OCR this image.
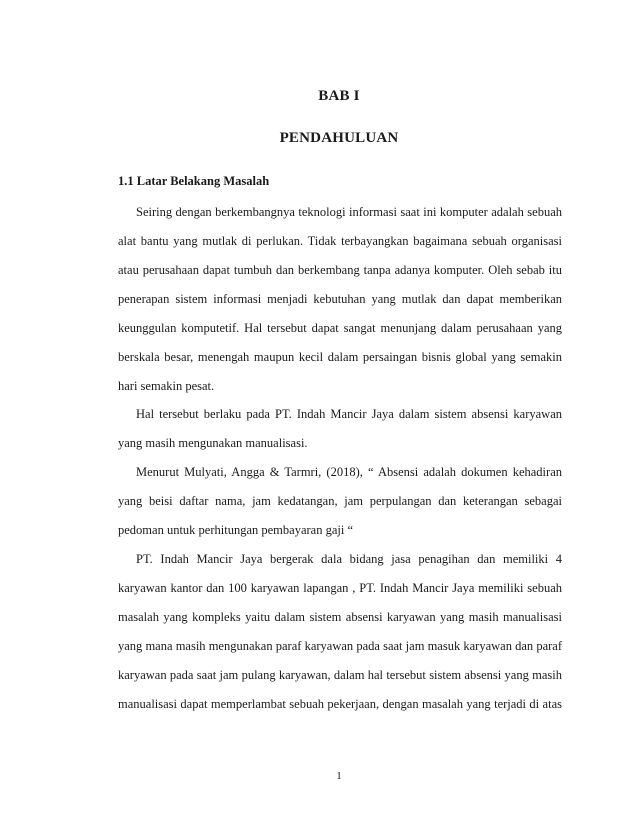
BAB I
PENDAHULUAN
1.1 Latar Belakang Masalah
Seiring dengan berkembangnya teknologi informasi saat ini komputer adalah sebuah
alat bantu yang mutlak di perlukan. Tidak terbayangkan bagaimana sebuah organisasi
atau perusahaan dapat tumbuh dan berkembang tanpa adanya komputer. Oleh sebab itu
penerapan sistem informasi menjadi kebutuhan yang mutlak dan dapat memberikan
keunggulan komputetif. Hal tersebut dapat sangat menunjang dalam perusahaan yang
berskala besar, menengah maupun kecil dalam persaingan bisnis global yang semakin
hari semakin pesat.
Hal tersebut berlaku pada PT. Indah Mancir Jaya dalam sistem absensi karyawan
yang masih mengunakan manualisasi.
Menurut Mulyati, Angga & Tarmri, (2018), “ Absensi adalah dokumen kehadiran
yang beisi daftar nama, jam kedatangan, jam perpulangan dan keterangan sebagai
pedoman untuk perhitungan pembayaran gaji “
PT. Indah Mancir Jaya bergerak dala bidang jasa penagihan dan memiliki 4
karyawan kantor dan 100 karyawan lapangan , PT. Indah Mancir Jaya memiliki sebuah
masalah yang kompleks yaitu dalam sistem absensi karyawan yang masih manualisasi
yang mana masih mengunakan paraf karyawan pada saat jam masuk karyawan dan paraf
karyawan pada saat jam pulang karyawan, dalam hal tersebut sistem absensi yang masih
manualisasi dapat memperlambat sebuah pekerjaan, dengan masalah yang terjadi di atas
1
